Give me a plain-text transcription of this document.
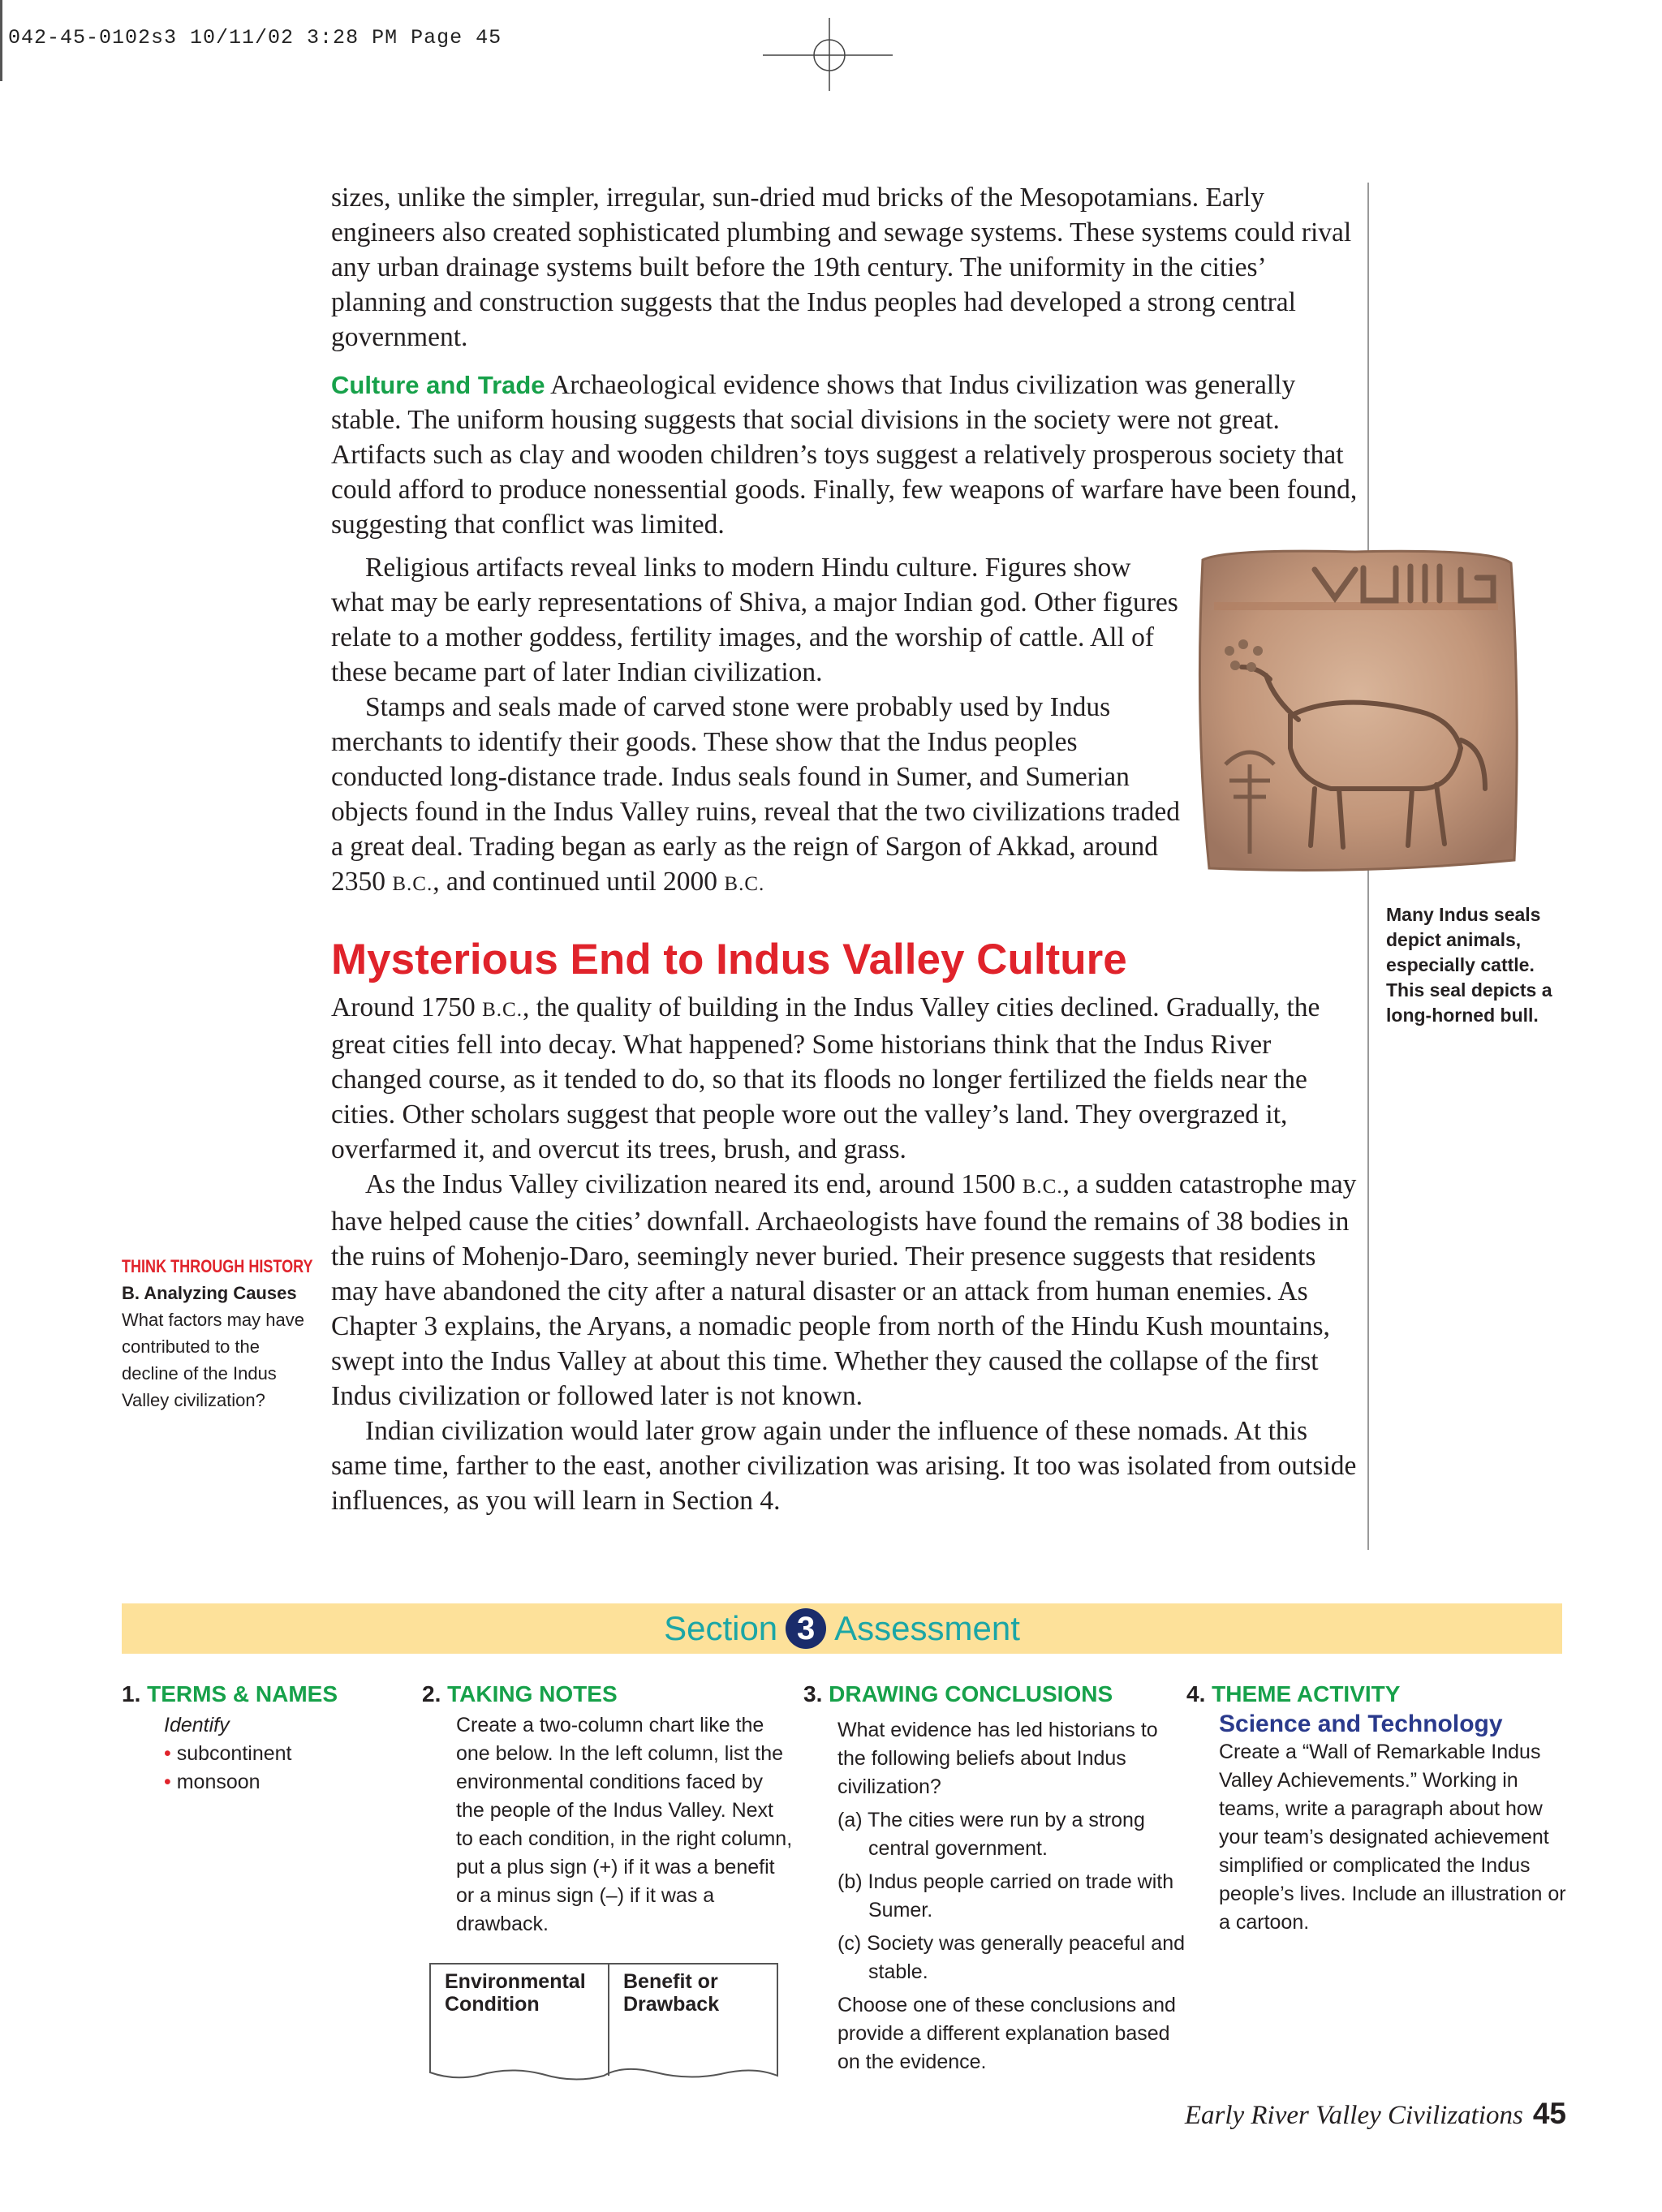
042-45-0102s3 10/11/02 3:28 PM Page 45

sizes, unlike the simpler, irregular, sun-dried mud bricks of the Mesopotamians. Early engineers also created sophisticated plumbing and sewage systems. These systems could rival any urban drainage systems built before the 19th century. The uniformity in the cities’ planning and construction suggests that the Indus peoples had developed a strong central government.

Culture and Trade Archaeological evidence shows that Indus civilization was generally stable. The uniform housing suggests that social divisions in the society were not great. Artifacts such as clay and wooden children’s toys suggest a relatively prosperous society that could afford to produce nonessential goods. Finally, few weapons of warfare have been found, suggesting that conflict was limited.

Religious artifacts reveal links to modern Hindu culture. Figures show what may be early representations of Shiva, a major Indian god. Other figures relate to a mother goddess, fertility images, and the worship of cattle. All of these became part of later Indian civilization.

Stamps and seals made of carved stone were probably used by Indus merchants to identify their goods. These show that the Indus peoples conducted long-distance trade. Indus seals found in Sumer, and Sumerian objects found in the Indus Valley ruins, reveal that the two civilizations traded a great deal. Trading began as early as the reign of Sargon of Akkad, around 2350 B.C., and continued until 2000 B.C.

Many Indus seals depict animals, especially cattle. This seal depicts a long-horned bull.
Mysterious End to Indus Valley Culture

Around 1750 B.C., the quality of building in the Indus Valley cities declined. Gradually, the great cities fell into decay. What happened? Some historians think that the Indus River changed course, as it tended to do, so that its floods no longer fertilized the fields near the cities. Other scholars suggest that people wore out the valley’s land. They overgrazed it, overfarmed it, and overcut its trees, brush, and grass.

As the Indus Valley civilization neared its end, around 1500 B.C., a sudden catastrophe may have helped cause the cities’ downfall. Archaeologists have found the remains of 38 bodies in the ruins of Mohenjo-Daro, seemingly never buried. Their presence suggests that residents may have abandoned the city after a natural disaster or an attack from human enemies. As Chapter 3 explains, the Aryans, a nomadic people from north of the Hindu Kush mountains, swept into the Indus Valley at about this time. Whether they caused the collapse of the first Indus civilization or followed later is not known.

Indian civilization would later grow again under the influence of these nomads. At this same time, farther to the east, another civilization was arising. It too was isolated from outside influences, as you will learn in Section 4.

THINK THROUGH HISTORY
B. Analyzing Causes What factors may have contributed to the decline of the Indus Valley civilization?
Section 3 Assessment
1. TERMS & NAMES

Identify

• subcontinent

• monsoon

2. TAKING NOTES

Create a two-column chart like the one below. In the left column, list the environmental conditions faced by the people of the Indus Valley. Next to each condition, in the right column, put a plus sign (+) if it was a benefit or a minus sign (–) if it was a drawback.

Environmental Condition
Benefit or Drawback
3. DRAWING CONCLUSIONS

What evidence has led historians to the following beliefs about Indus civilization?

(a) The cities were run by a strong central government.

(b) Indus people carried on trade with Sumer.

(c) Society was generally peaceful and stable.

Choose one of these conclusions and provide a different explanation based on the evidence.

4. THEME ACTIVITY

Science and Technology

Create a “Wall of Remarkable Indus Valley Achievements.” Working in teams, write a paragraph about how your team’s designated achievement simplified or complicated the Indus people’s lives. Include an illustration or a cartoon.

Early River Valley Civilizations 45
